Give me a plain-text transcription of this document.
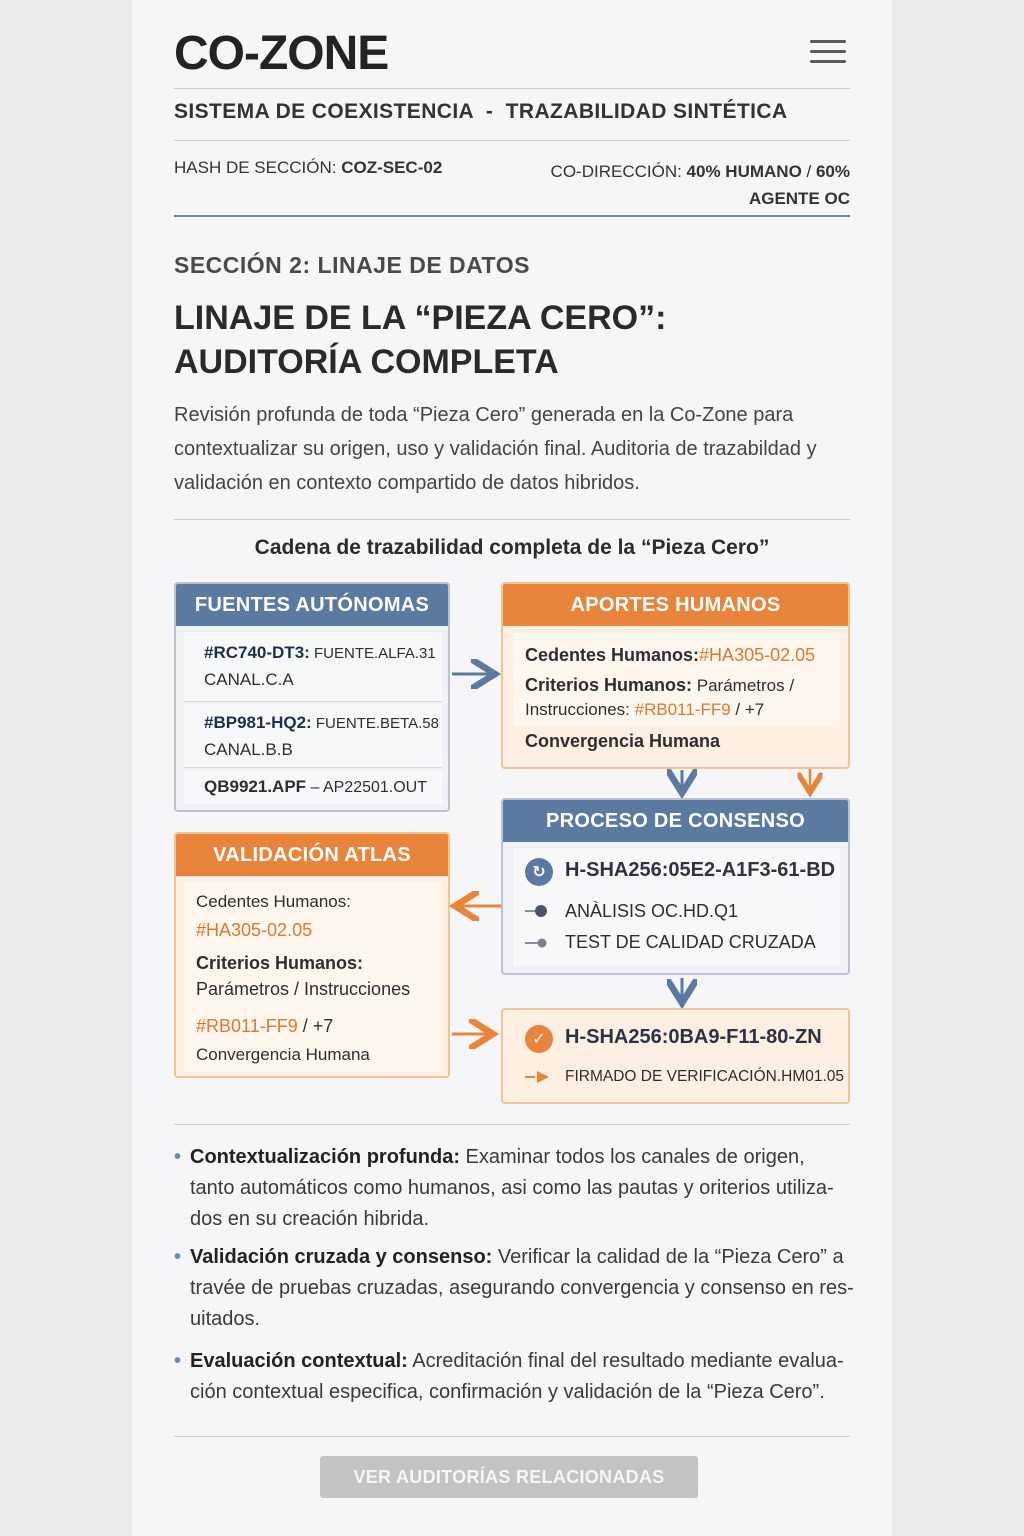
CO-ZONE
SISTEMA DE COEXISTENCIA  -  TRAZABILIDAD SINTÉTICA
HASH DE SECCIÓN: COZ-SEC-02	CO-DIRECCIÓN: 40% HUMANO / 60% AGENTE OC
SECCIÓN 2: LINAJE DE DATOS
LINAJE DE LA “PIEZA CERO”:
AUDITORÍA COMPLETA
Revisión profunda de toda “Pieza Cero” generada en la Co-Zone para contextualizar su origen, uso y validación final. Auditoria de trazabildad y validación en contexto compartido de datos hibridos.
Cadena de trazabilidad completa de la “Pieza Cero”
FUENTES AUTÓNOMAS
#RC740-DT3: FUENTE.ALFA.31
CANAL.C.A
#BP981-HQ2: FUENTE.BETA.58
CANAL.B.B
QB9921.APF – AP22501.OUT
APORTES HUMANOS
Cedentes Humanos:#HA305-02.05
Criterios Humanos: Parámetros /
Instrucciones: #RB011-FF9 / +7
Convergencia Humana
PROCESO DE CONSENSO
↻ H-SHA256:05E2-A1F3-61-BD
ANÀLISIS OC.HD.Q1
TEST DE CALIDAD CRUZADA
VALIDACIÓN ATLAS
Cedentes Humanos:
#HA305-02.05
Criterios Humanos:
Parámetros / Instrucciones
#RB011-FF9 / +7
Convergencia Humana
✓ H-SHA256:0BA9-F11-80-ZN
FIRMADO DE VERIFICACIÓN.HM01.05
• Contextualización profunda: Examinar todos los canales de origen, tanto automáticos como humanos, asi como las pautas y oriterios utiliza-dos en su creación hibrida.
• Validación cruzada y consenso: Verificar la calidad de la “Pieza Cero” a travée de pruebas cruzadas, asegurando convergencia y consenso en res-uitados.
• Evaluación contextual: Acreditación final del resultado mediante evalua-ción contextual especifica, confirmación y validación de la “Pieza Cero”.
VER AUDITORÍAS RELACIONADAS
